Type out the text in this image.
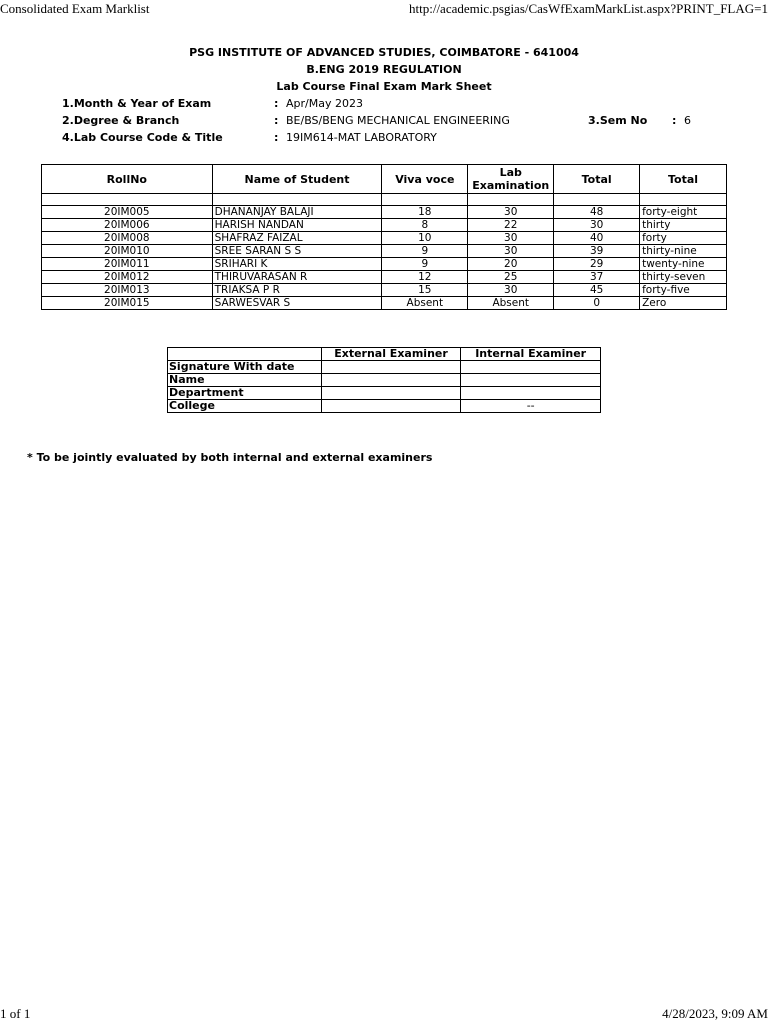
Consolidated Exam Marklist	http://academic.psgias/CasWfExamMarkList.aspx?PRINT_FLAG=1
PSG INSTITUTE OF ADVANCED STUDIES, COIMBATORE - 641004
B.ENG 2019 REGULATION
Lab Course Final Exam Mark Sheet
1.Month & Year of Exam	: Apr/May 2023
2.Degree & Branch	: BE/BS/BENG MECHANICAL ENGINEERING	3.Sem No	: 6
4.Lab Course Code & Title	: 19IM614-MAT LABORATORY
RollNo	Name of Student	Viva voce	Lab Examination	Total	Total

20IM005	DHANANJAY BALAJI	18	30	48	forty-eight
20IM006	HARISH NANDAN	8	22	30	thirty
20IM008	SHAFRAZ FAIZAL	10	30	40	forty
20IM010	SREE SARAN S S	9	30	39	thirty-nine
20IM011	SRIHARI K	9	20	29	twenty-nine
20IM012	THIRUVARASAN R	12	25	37	thirty-seven
20IM013	TRIAKSA P R	15	30	45	forty-five
20IM015	SARWESVAR S	Absent	Absent	0	Zero
	External Examiner	Internal Examiner
Signature With date		
Name		
Department		
College		--
* To be jointly evaluated by both internal and external examiners
1 of 1	4/28/2023, 9:09 AM
